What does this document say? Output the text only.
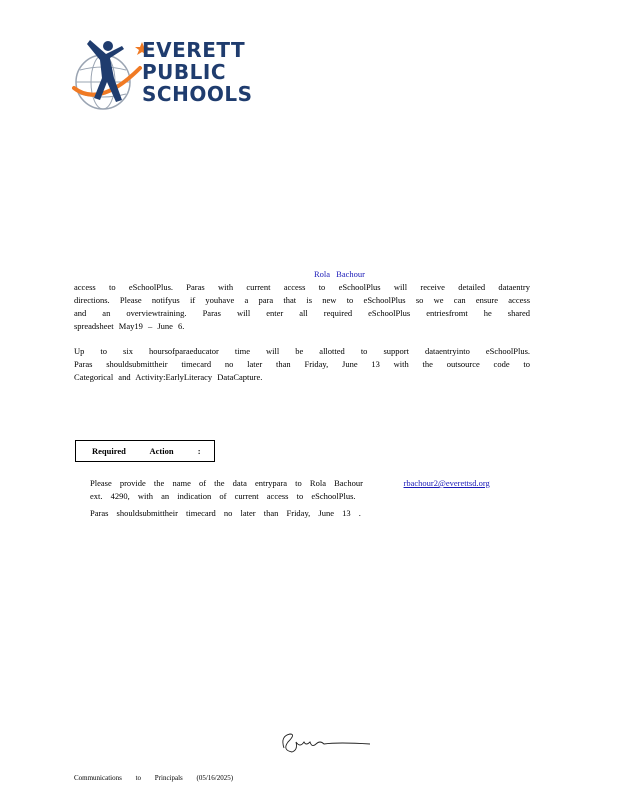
EVERETT
PUBLIC
SCHOOLS
Rola Bachour
access to eSchoolPlus. Paras with current access to eSchoolPlus will receive detailed dataentry
directions. Please notifyus if youhave a para that is new to eSchoolPlus so we can ensure access
and an overviewtraining. Paras will enter all required eSchoolPlus entriesfromt he shared
spreadsheet May19 – June 6.
Up to six hoursofparaeducator time will be allotted to support dataentryinto eSchoolPlus.
Paras shouldsubmittheir timecard no later than Friday, June 13 with the outsource code to
Categorical and Activity:EarlyLiteracy DataCapture.
Required Action :
Please provide the name of the data entrypara to Rola Bachour	rbachour2@everettsd.org
ext. 4290, with an indication of current access to eSchoolPlus.
Paras shouldsubmittheir timecard no later than Friday, June 13 .
Communications to Principals (05/16/2025)
